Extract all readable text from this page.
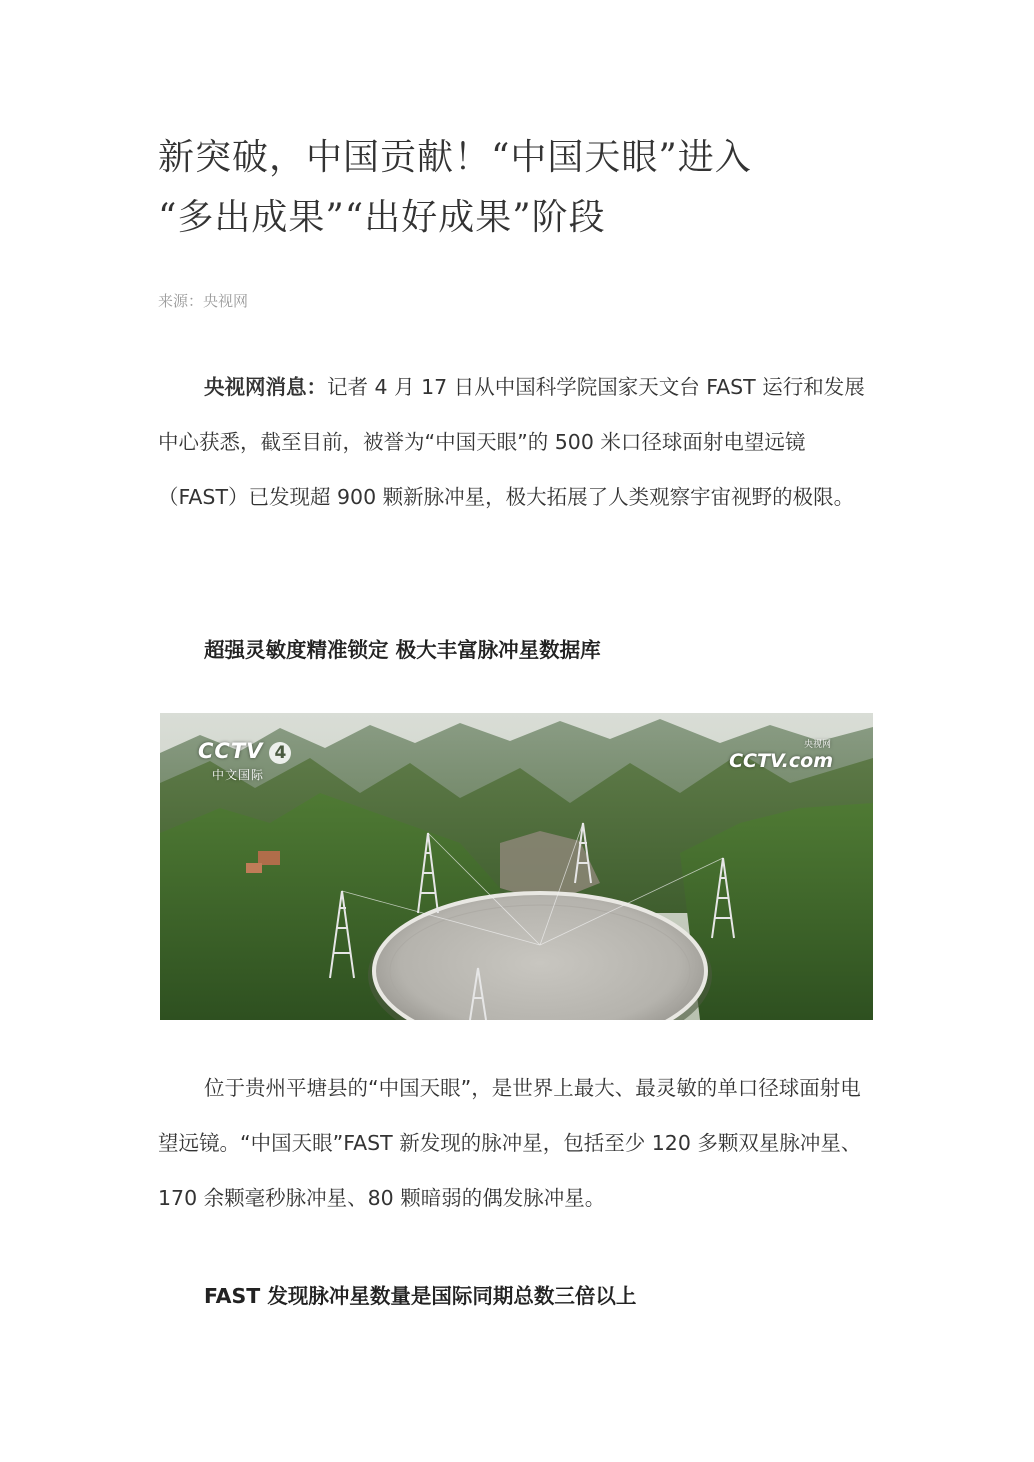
新突破，中国贡献！“中国天眼”进入
“多出成果”“出好成果”阶段
来源：央视网

央视网消息：记者 4 月 17 日从中国科学院国家天文台 FAST 运行和发展中心获悉，截至目前，被誉为“中国天眼”的 500 米口径球面射电望远镜（FAST）已发现超 900 颗新脉冲星，极大拓展了人类观察宇宙视野的极限。

超强灵敏度精准锁定 极大丰富脉冲星数据库
CCTV 4
中文国际
央视网
CCTV.com

位于贵州平塘县的“中国天眼”，是世界上最大、最灵敏的单口径球面射电望远镜。“中国天眼”FAST 新发现的脉冲星，包括至少 120 多颗双星脉冲星、170 余颗毫秒脉冲星、80 颗暗弱的偶发脉冲星。

FAST 发现脉冲星数量是国际同期总数三倍以上
